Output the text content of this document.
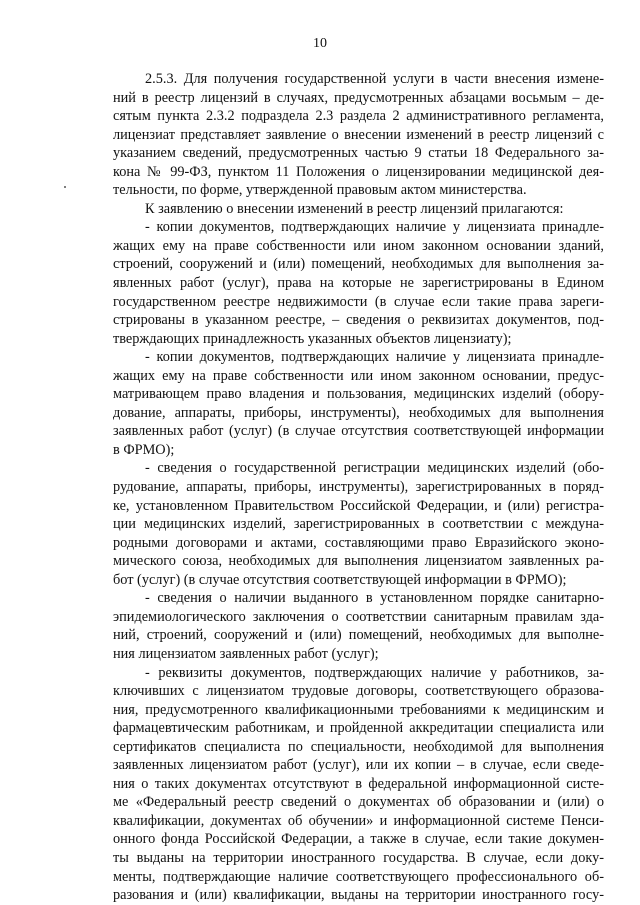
10
2.5.3. Для получения государственной услуги в части внесения измене-
ний в реестр лицензий в случаях, предусмотренных абзацами восьмым – де-
сятым пункта 2.3.2 подраздела 2.3 раздела 2 административного регламента,
лицензиат представляет заявление о внесении изменений в реестр лицензий с
указанием сведений, предусмотренных частью 9 статьи 18 Федерального за-
кона № 99-ФЗ, пунктом 11 Положения о лицензировании медицинской дея-
тельности, по форме, утвержденной правовым актом министерства.
К заявлению о внесении изменений в реестр лицензий прилагаются:
- копии документов, подтверждающих наличие у лицензиата принадле-
жащих ему на праве собственности или ином законном основании зданий,
строений, сооружений и (или) помещений, необходимых для выполнения за-
явленных работ (услуг), права на которые не зарегистрированы в Едином
государственном реестре недвижимости (в случае если такие права зареги-
стрированы в указанном реестре, – сведения о реквизитах документов, под-
тверждающих принадлежность указанных объектов лицензиату);
- копии документов, подтверждающих наличие у лицензиата принадле-
жащих ему на праве собственности или ином законном основании, предус-
матривающем право владения и пользования, медицинских изделий (обору-
дование, аппараты, приборы, инструменты), необходимых для выполнения
заявленных работ (услуг) (в случае отсутствия соответствующей информации
в ФРМО);
- сведения о государственной регистрации медицинских изделий (обо-
рудование, аппараты, приборы, инструменты), зарегистрированных в поряд-
ке, установленном Правительством Российской Федерации, и (или) регистра-
ции медицинских изделий, зарегистрированных в соответствии с междуна-
родными договорами и актами, составляющими право Евразийского эконо-
мического союза, необходимых для выполнения лицензиатом заявленных ра-
бот (услуг) (в случае отсутствия соответствующей информации в ФРМО);
- сведения о наличии выданного в установленном порядке санитарно-
эпидемиологического заключения о соответствии санитарным правилам зда-
ний, строений, сооружений и (или) помещений, необходимых для выполне-
ния лицензиатом заявленных работ (услуг);
- реквизиты документов, подтверждающих наличие у работников, за-
ключивших с лицензиатом трудовые договоры, соответствующего образова-
ния, предусмотренного квалификационными требованиями к медицинским и
фармацевтическим работникам, и пройденной аккредитации специалиста или
сертификатов специалиста по специальности, необходимой для выполнения
заявленных лицензиатом работ (услуг), или их копии – в случае, если сведе-
ния о таких документах отсутствуют в федеральной информационной систе-
ме «Федеральный реестр сведений о документах об образовании и (или) о
квалификации, документах об обучении» и информационной системе Пенси-
онного фонда Российской Федерации, а также в случае, если такие докумен-
ты выданы на территории иностранного государства. В случае, если доку-
менты, подтверждающие наличие соответствующего профессионального об-
разования и (или) квалификации, выданы на территории иностранного госу-
